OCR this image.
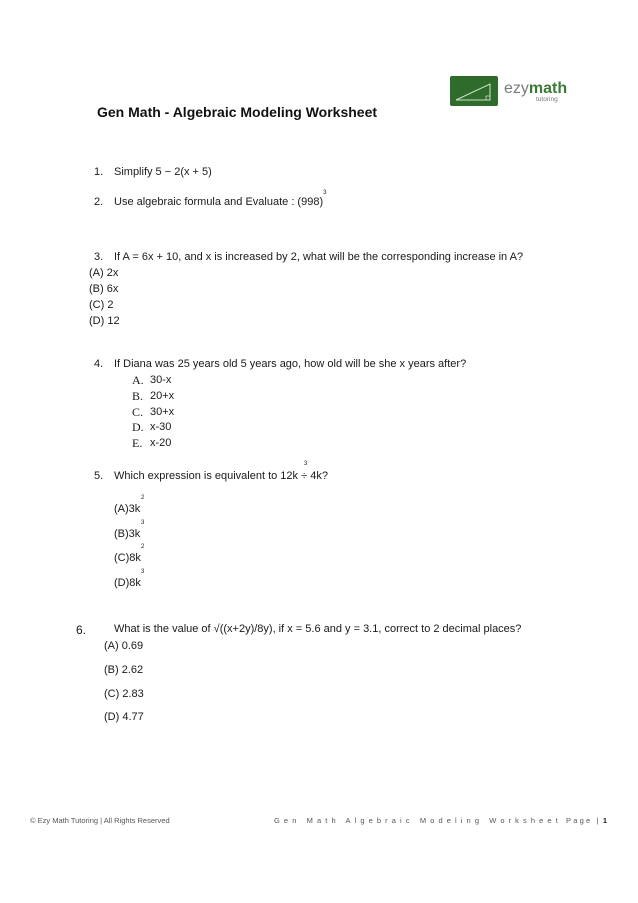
ezymath
tutoring
Gen Math - Algebraic Modeling Worksheet
1. Simplify 5 − 2(x + 5)
2. Use algebraic formula and Evaluate : $(998)^3$
3. If A = 6x + 10, and x is increased by 2, what will be the corresponding increase in A?
(A) 2x
(B) 6x
(C) 2
(D) 12
4. If Diana was 25 years old 5 years ago, how old will be she x years after?
A. 30-x
B. 20+x
C. 30+x
D. x-30
E. x-20
5. Which expression is equivalent to 12k ÷ 4k?
3
(A)3k
2
(B)3k
3
(C)8k
2
(D)8k
3
6.	What is the value of √((x+2y)/8y), if x = 5.6 and y = 3.1, correct to 2 decimal places?
(A) 0.69
(B) 2.62
(C) 2.83
(D) 4.77
© Ezy Math Tutoring | All Rights Reserved	Gen Math Algebraic Modeling Worksheet Page | 1
